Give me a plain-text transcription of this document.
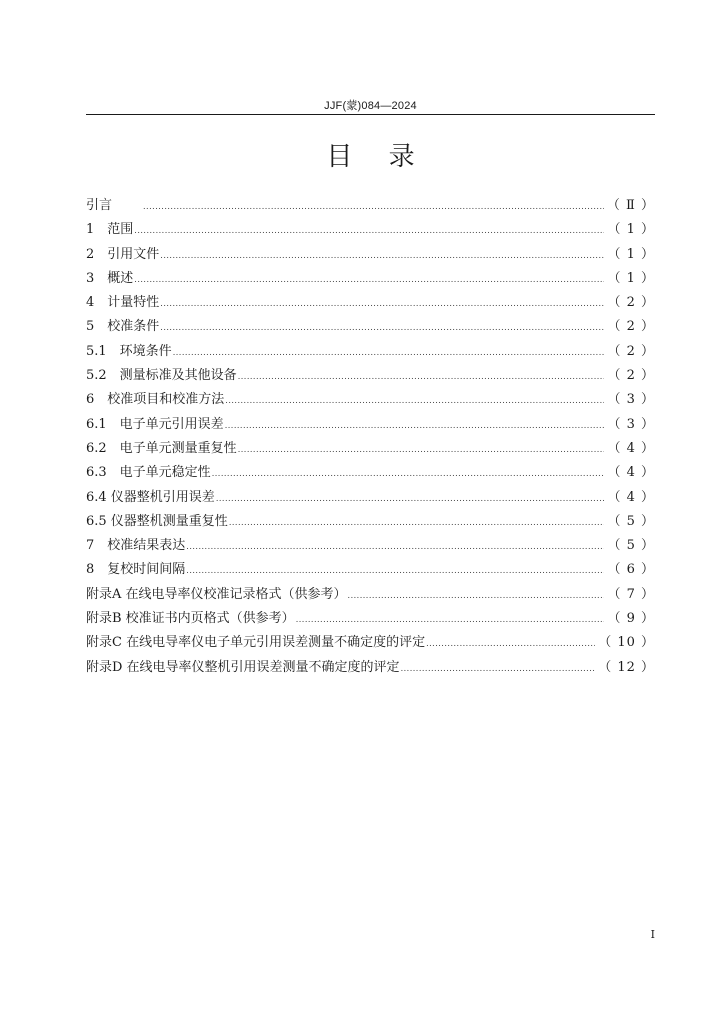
JJF(蒙)084—2024
目 录
引言 .....	（ Ⅱ ）
1　范围 .....	（ 1 ）
2　引用文件 .....	（ 1 ）
3　概述 .....	（ 1 ）
4　计量特性 .....	（ 2 ）
5　校准条件 .....	（ 2 ）
5.1　环境条件 .....	（ 2 ）
5.2　测量标准及其他设备 .....	（ 2 ）
6　校准项目和校准方法 .....	（ 3 ）
6.1　电子单元引用误差 .....	（ 3 ）
6.2　电子单元测量重复性 .....	（ 4 ）
6.3　电子单元稳定性 .....	（ 4 ）
6.4 仪器整机引用误差 .....	（ 4 ）
6.5 仪器整机测量重复性 .....	（ 5 ）
7　校准结果表达 .....	（ 5 ）
8　复校时间间隔 .....	（ 6 ）
附录A 在线电导率仪校准记录格式（供参考） .....	（ 7 ）
附录B 校准证书内页格式（供参考） .....	（ 9 ）
附录C 在线电导率仪电子单元引用误差测量不确定度的评定 .....	（ 10 ）
附录D 在线电导率仪整机引用误差测量不确定度的评定 .....	（ 12 ）
I
